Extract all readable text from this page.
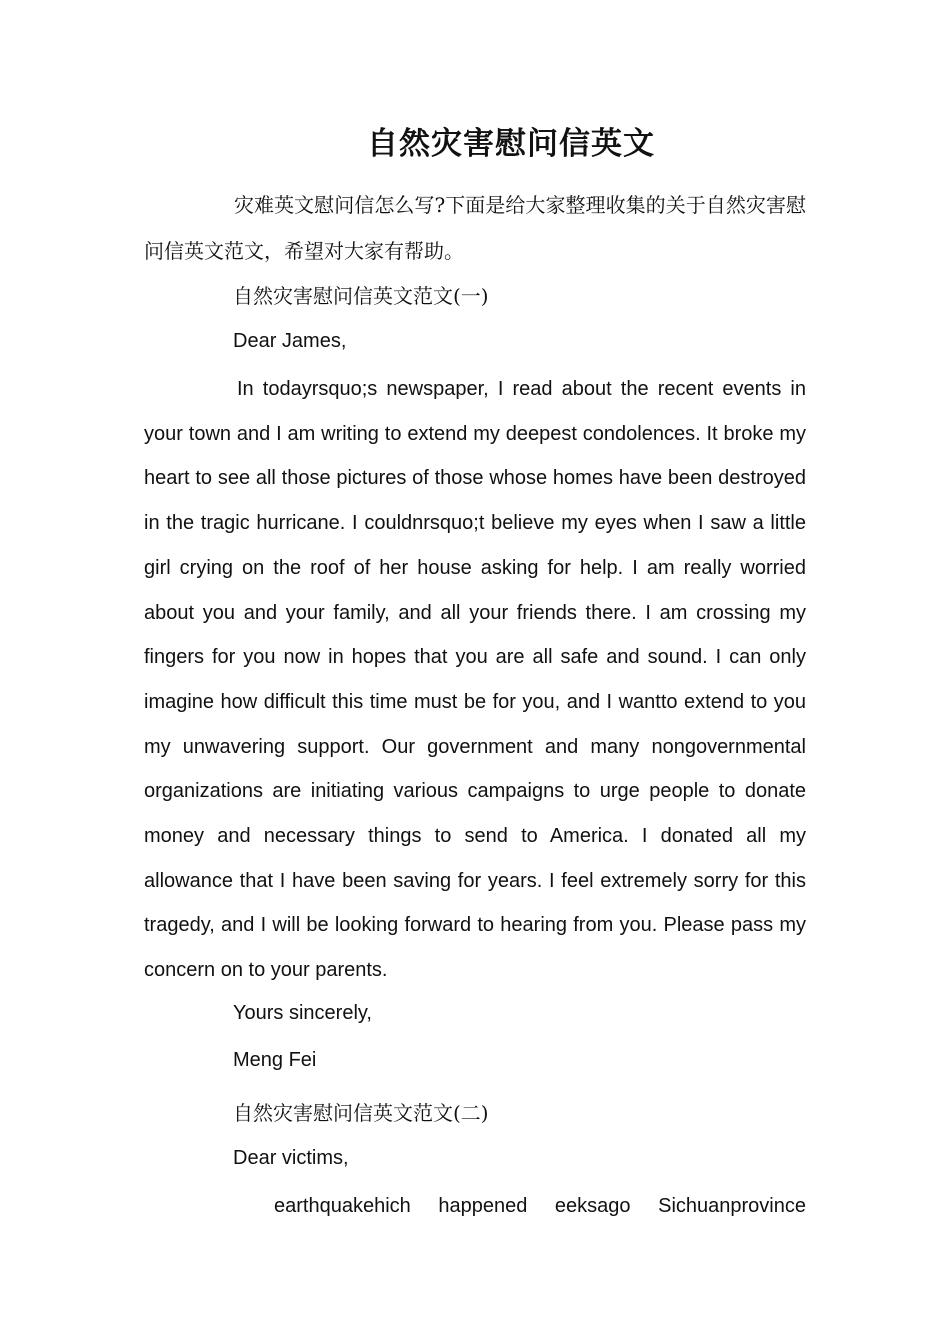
自然灾害慰问信英文

灾难英文慰问信怎么写?下面是给大家整理收集的关于自然灾害慰问信英文范文，希望对大家有帮助。

自然灾害慰问信英文范文(一)

Dear James,

In todayrsquo;s newspaper, I read about the recent events in your town and I am writing to extend my deepest condolences. It broke my heart to see all those pictures of those whose homes have been destroyed in the tragic hurricane. I couldnrsquo;t believe my eyes when I saw a little girl crying on the roof of her house asking for help. I am really worried about you and your family, and all your friends there. I am crossing my fingers for you now in hopes that you are all safe and sound. I can only imagine how difficult this time must be for you, and I wantto extend to you my unwavering support. Our government and many nongovernmental organizations are initiating various campaigns to urge people to donate money and necessary things to send to America. I donated all my allowance that I have been saving for years. I feel extremely sorry for this tragedy, and I will be looking forward to hearing from you. Please pass my concern on to your parents.

Yours sincerely,

Meng Fei

自然灾害慰问信英文范文(二)

Dear victims,

earthquakehich happened eeksago Sichuanprovince
